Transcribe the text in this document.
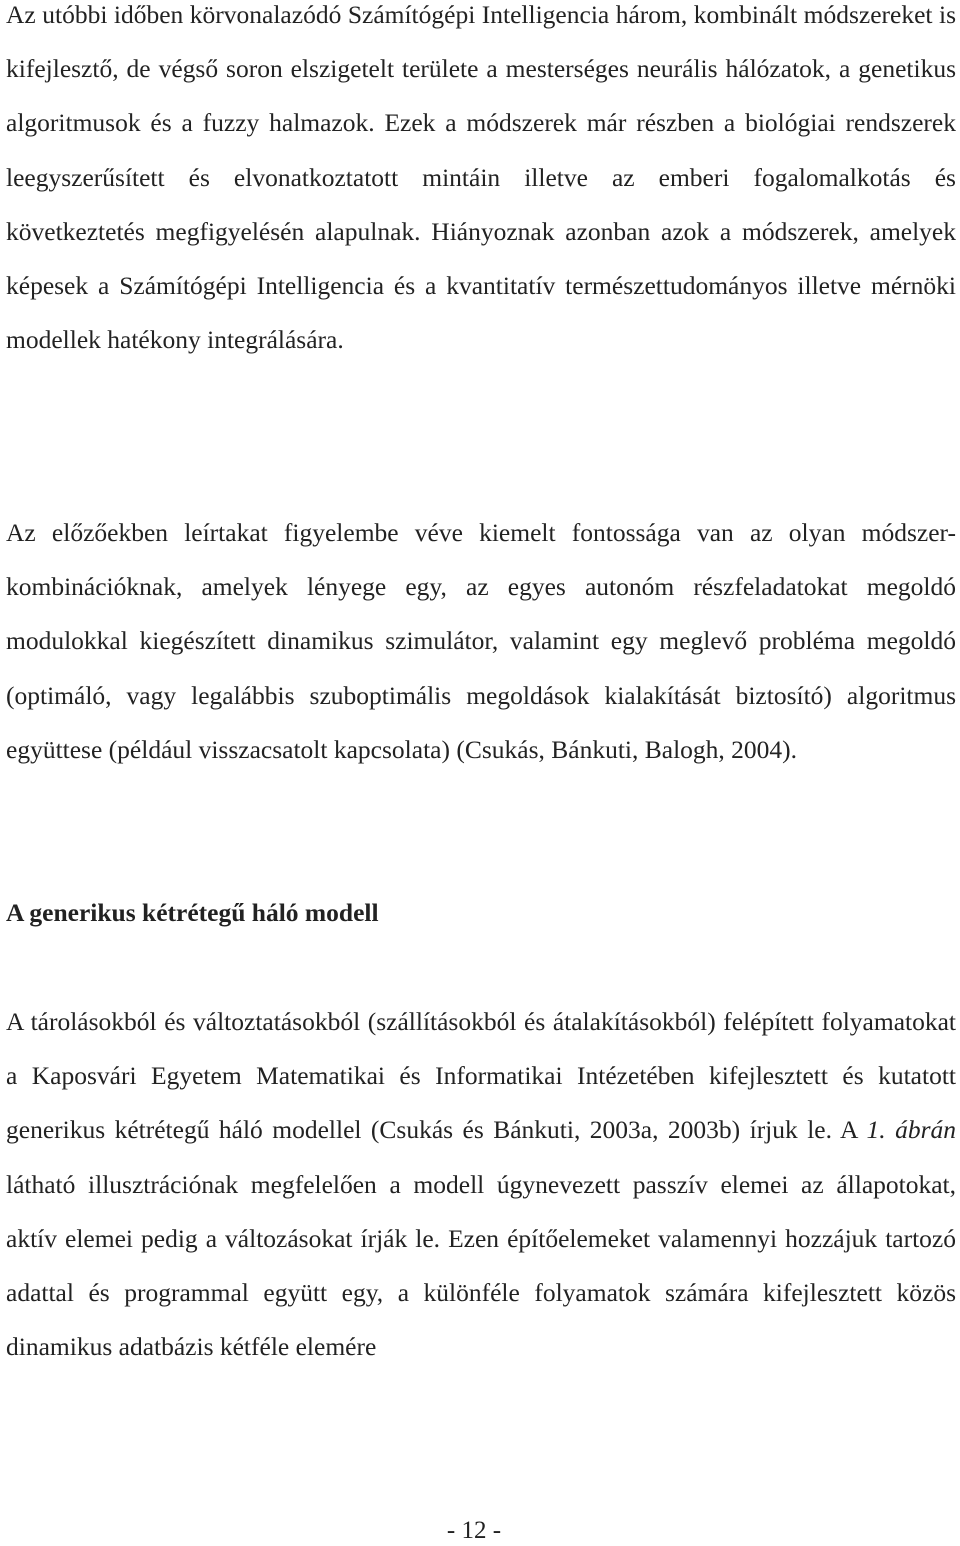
Az utóbbi időben körvonalazódó Számítógépi Intelligencia három, kombinált módszereket is kifejlesztő, de végső soron elszigetelt területe a mesterséges neurális hálózatok, a genetikus algoritmusok és a fuzzy halmazok. Ezek a módszerek már részben a biológiai rendszerek leegyszerűsített és elvonatkoztatott mintáin illetve az emberi fogalomalkotás és következtetés megfigyelésén alapulnak. Hiányoznak azonban azok a módszerek, amelyek képesek a Számítógépi Intelligencia és a kvantitatív természettudományos illetve mérnöki modellek hatékony integrálására.

Az előzőekben leírtakat figyelembe véve kiemelt fontossága van az olyan módszer-kombinációknak, amelyek lényege egy, az egyes autonóm részfeladatokat megoldó modulokkal kiegészített dinamikus szimulátor, valamint egy meglevő probléma megoldó (optimáló, vagy legalábbis szuboptimális megoldások kialakítását biztosító) algoritmus együttese (például visszacsatolt kapcsolata) (Csukás, Bánkuti, Balogh, 2004).

A generikus kétrétegű háló modell

A tárolásokból és változtatásokból (szállításokból és átalakításokból) felépített folyamatokat a Kaposvári Egyetem Matematikai és Informatikai Intézetében kifejlesztett és kutatott generikus kétrétegű háló modellel (Csukás és Bánkuti, 2003a, 2003b) írjuk le. A 1. ábrán látható illusztrációnak megfelelően a modell úgynevezett passzív elemei az állapotokat, aktív elemei pedig a változásokat írják le. Ezen építőelemeket valamennyi hozzájuk tartozó adattal és programmal együtt egy, a különféle folyamatok számára kifejlesztett közös dinamikus adatbázis kétféle elemére

- 12 -
